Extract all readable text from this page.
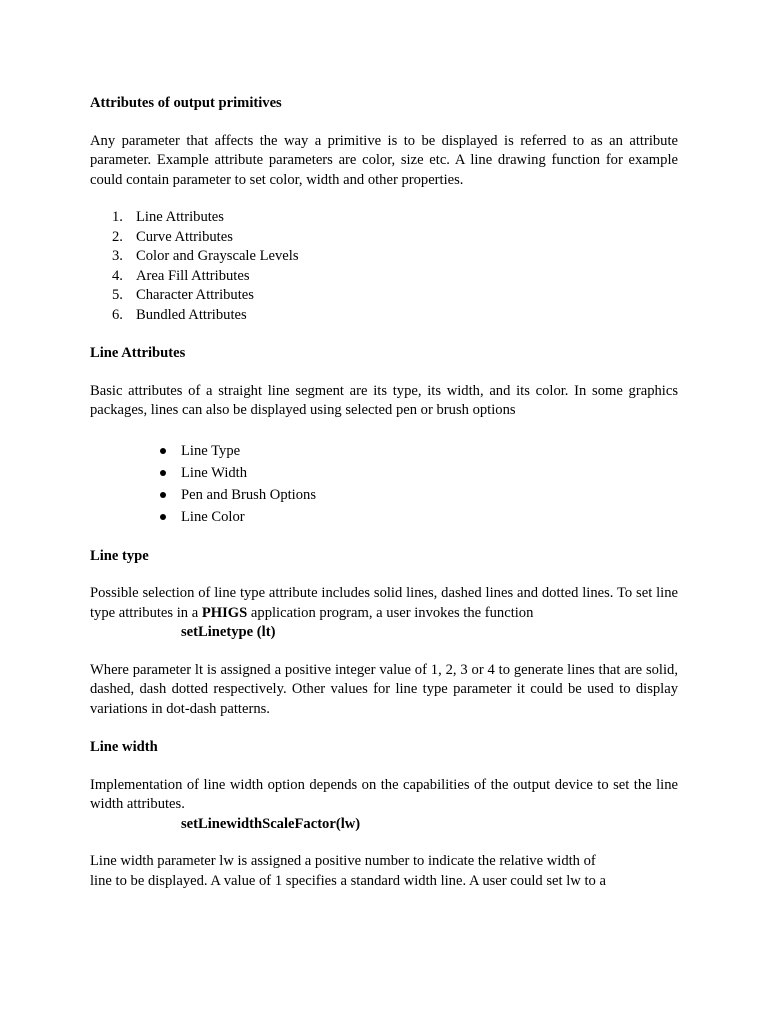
Attributes of output primitives

Any parameter that affects the way a primitive is to be displayed is referred to as an attribute parameter. Example attribute parameters are color, size etc. A line drawing function for example could contain parameter to set color, width and other properties.

1. Line Attributes
2. Curve Attributes
3. Color and Grayscale Levels
4. Area Fill Attributes
5. Character Attributes
6. Bundled Attributes

Line Attributes

Basic attributes of a straight line segment are its type, its width, and its color. In some graphics packages, lines can also be displayed using selected pen or brush options

Line Type
Line Width
Pen and Brush Options
Line Color

Line type

Possible selection of line type attribute includes solid lines, dashed lines and dotted lines. To set line type attributes in a PHIGS application program, a user invokes the function

setLinetype (lt)

Where parameter lt is assigned a positive integer value of 1, 2, 3 or 4 to generate lines that are solid, dashed, dash dotted respectively. Other values for line type parameter it could be used to display variations in dot-dash patterns.

Line width

Implementation of line width option depends on the capabilities of the output device to set the line width attributes.

setLinewidthScaleFactor(lw)

Line width parameter lw is assigned a positive number to indicate the relative width of

line to be displayed. A value of 1 specifies a standard width line. A user could set lw to a
